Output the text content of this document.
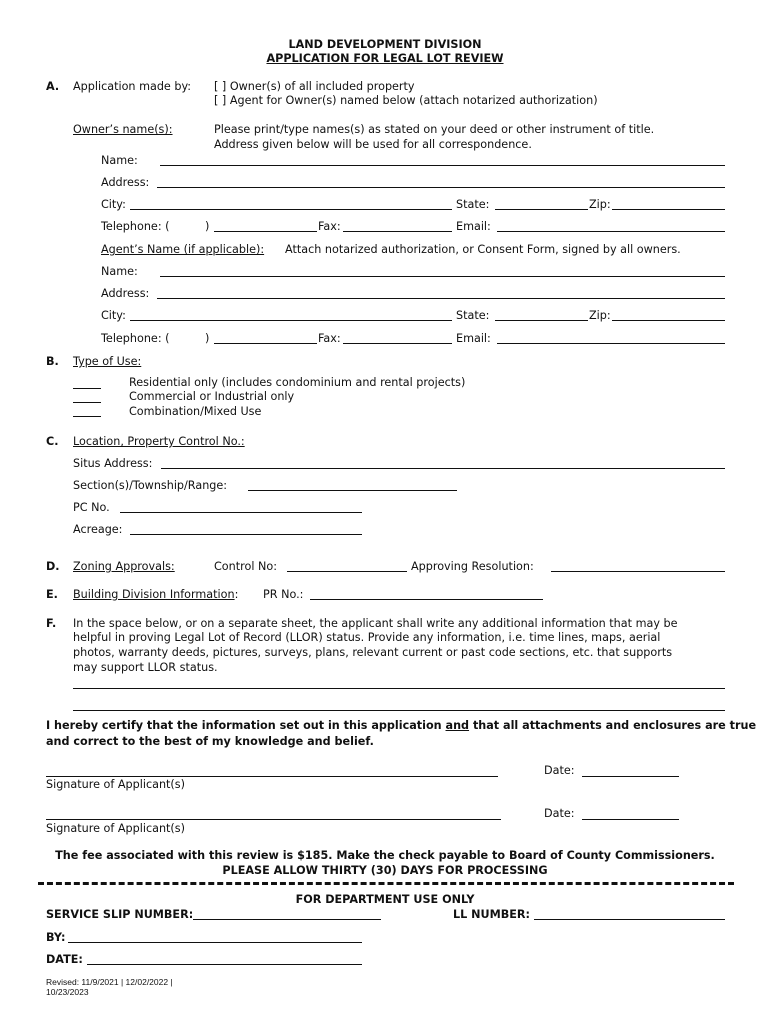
LAND DEVELOPMENT DIVISION
APPLICATION FOR LEGAL LOT REVIEW
A. Application made by: [ ] Owner(s) of all included property
[ ] Agent for Owner(s) named below (attach notarized authorization)
Owner’s name(s):	Please print/type names(s) as stated on your deed or other instrument of title.
Address given below will be used for all correspondence.
Name:
Address:
City:	State:	Zip:
Telephone: (	)	Fax:	Email:
Agent’s Name (if applicable): Attach notarized authorization, or Consent Form, signed by all owners.
Name:
Address:
City:	State:	Zip:
Telephone: (	)	Fax:	Email:
B. Type of Use:
Residential only (includes condominium and rental projects)
Commercial or Industrial only
Combination/Mixed Use
C. Location, Property Control No.:
Situs Address:
Section(s)/Township/Range:
PC No.
Acreage:
D. Zoning Approvals:	Control No:	Approving Resolution:
E. Building Division Information: PR No.:
F. In the space below, or on a separate sheet, the applicant shall write any additional information that may be
helpful in proving Legal Lot of Record (LLOR) status. Provide any information, i.e. time lines, maps, aerial
photos, warranty deeds, pictures, surveys, plans, relevant current or past code sections, etc. that supports
may support LLOR status.
I hereby certify that the information set out in this application and that all attachments and enclosures are true
and correct to the best of my knowledge and belief.
Date:
Signature of Applicant(s)
Date:
Signature of Applicant(s)
The fee associated with this review is $185. Make the check payable to Board of County Commissioners.
PLEASE ALLOW THIRTY (30) DAYS FOR PROCESSING
FOR DEPARTMENT USE ONLY
SERVICE SLIP NUMBER:	LL NUMBER:
BY:
DATE:
Revised: 11/9/2021 | 12/02/2022 |
10/23/2023
